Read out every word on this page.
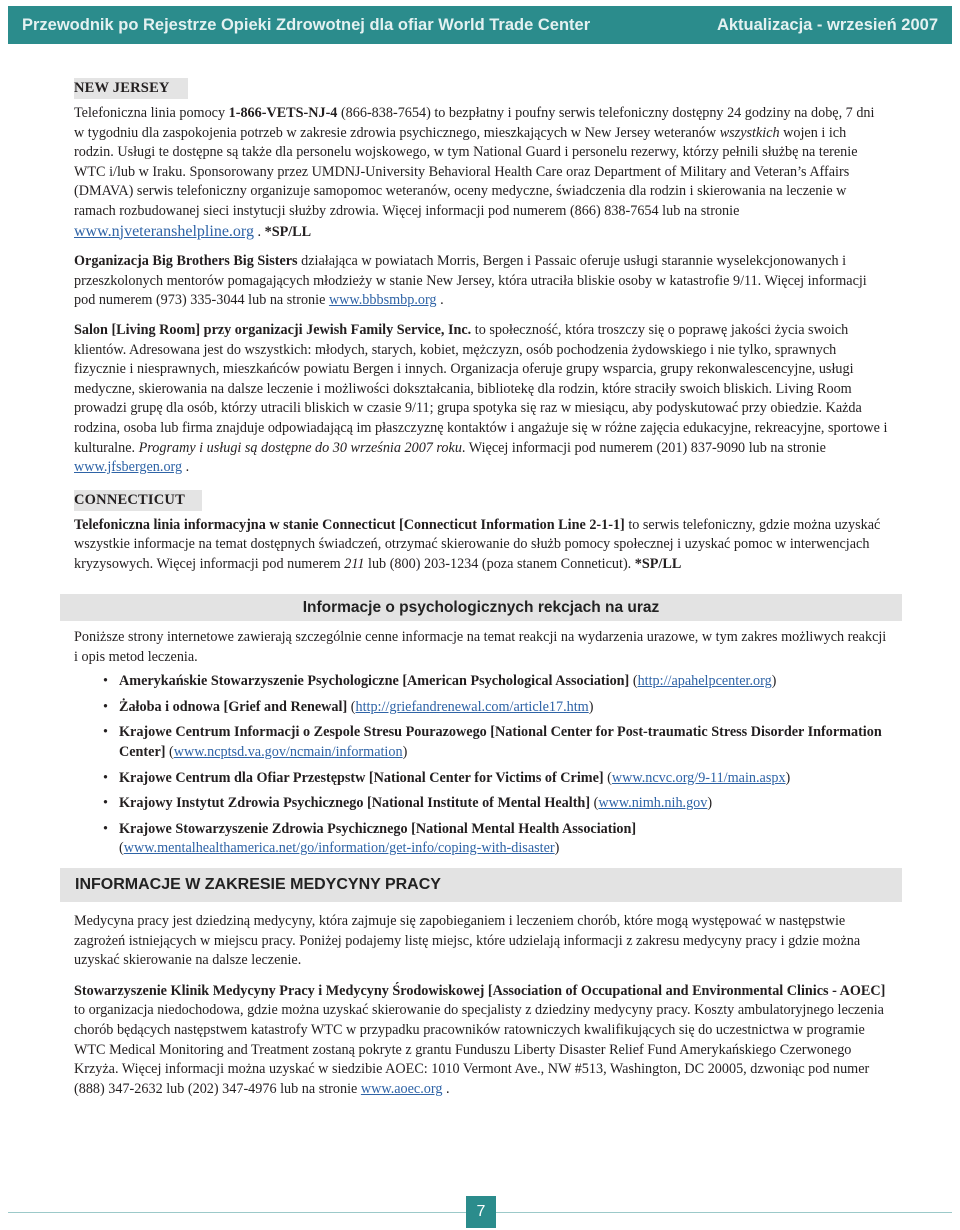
Przewodnik po Rejestrze Opieki Zdrowotnej dla ofiar World Trade Center	Aktualizacja - wrzesień 2007
NEW JERSEY

Telefoniczna linia pomocy 1-866-VETS-NJ-4 (866-838-7654) to bezpłatny i poufny serwis telefoniczny dostępny 24 godziny na dobę, 7 dni w tygodniu dla zaspokojenia potrzeb w zakresie zdrowia psychicznego, mieszkających w New Jersey weteranów wszystkich wojen i ich rodzin. Usługi te dostępne są także dla personelu wojskowego, w tym National Guard i personelu rezerwy, którzy pełnili służbę na terenie WTC i/lub w Iraku. Sponsorowany przez UMDNJ-University Behavioral Health Care oraz Department of Military and Veteran’s Affairs (DMAVA) serwis telefoniczny organizuje samopomoc weteranów, oceny medyczne, świadczenia dla rodzin i skierowania na leczenie w ramach rozbudowanej sieci instytucji służby zdrowia. Więcej informacji pod numerem (866) 838-7654 lub na stronie www.njveteranshelpline.org . *SP/LL

Organizacja Big Brothers Big Sisters działająca w powiatach Morris, Bergen i Passaic oferuje usługi starannie wyselekcjonowanych i przeszkolonych mentorów pomagających młodzieży w stanie New Jersey, która utraciła bliskie osoby w katastrofie 9/11. Więcej informacji pod numerem (973) 335-3044 lub na stronie www.bbbsmbp.org .

Salon [Living Room] przy organizacji Jewish Family Service, Inc. to społeczność, która troszczy się o poprawę jakości życia swoich klientów. Adresowana jest do wszystkich: młodych, starych, kobiet, mężczyzn, osób pochodzenia żydowskiego i nie tylko, sprawnych fizycznie i niesprawnych, mieszkańców powiatu Bergen i innych. Organizacja oferuje grupy wsparcia, grupy rekonwalescencyjne, usługi medyczne, skierowania na dalsze leczenie i możliwości dokształcania, bibliotekę dla rodzin, które straciły swoich bliskich. Living Room prowadzi grupę dla osób, którzy utracili bliskich w czasie 9/11; grupa spotyka się raz w miesiącu, aby podyskutować przy obiedzie. Każda rodzina, osoba lub firma znajduje odpowiadającą im płaszczyznę kontaktów i angażuje się w różne zajęcia edukacyjne, rekreacyjne, sportowe i kulturalne. Programy i usługi są dostępne do 30 września 2007 roku. Więcej informacji pod numerem (201) 837-9090 lub na stronie www.jfsbergen.org .

CONNECTICUT

Telefoniczna linia informacyjna w stanie Connecticut [Connecticut Information Line 2-1-1] to serwis telefoniczny, gdzie można uzyskać wszystkie informacje na temat dostępnych świadczeń, otrzymać skierowanie do służb pomocy społecznej i uzyskać pomoc w interwencjach kryzysowych. Więcej informacji pod numerem 211 lub (800) 203-1234 (poza stanem Conneticut). *SP/LL

Informacje o psychologicznych rekcjach na uraz

Poniższe strony internetowe zawierają szczególnie cenne informacje na temat reakcji na wydarzenia urazowe, w tym zakres możliwych reakcji i opis metod leczenia.

• Amerykańskie Stowarzyszenie Psychologiczne [American Psychological Association] (http://apahelpcenter.org)
• Żałoba i odnowa [Grief and Renewal] (http://griefandrenewal.com/article17.htm)
• Krajowe Centrum Informacji o Zespole Stresu Pourazowego [National Center for Post-traumatic Stress Disorder Information Center] (www.ncptsd.va.gov/ncmain/information)
• Krajowe Centrum dla Ofiar Przestępstw [National Center for Victims of Crime] (www.ncvc.org/9-11/main.aspx)
• Krajowy Instytut Zdrowia Psychicznego [National Institute of Mental Health] (www.nimh.nih.gov)
• Krajowe Stowarzyszenie Zdrowia Psychicznego [National Mental Health Association] (www.mentalhealthamerica.net/go/information/get-info/coping-with-disaster)
INFORMACJE W ZAKRESIE MEDYCYNY PRACY

Medycyna pracy jest dziedziną medycyny, która zajmuje się zapobieganiem i leczeniem chorób, które mogą występować w następstwie zagrożeń istniejących w miejscu pracy. Poniżej podajemy listę miejsc, które udzielają informacji z zakresu medycyny pracy i gdzie można uzyskać skierowanie na dalsze leczenie.

Stowarzyszenie Klinik Medycyny Pracy i Medycyny Środowiskowej [Association of Occupational and Environmental Clinics - AOEC] to organizacja niedochodowa, gdzie można uzyskać skierowanie do specjalisty z dziedziny medycyny pracy. Koszty ambulatoryjnego leczenia chorób będących następstwem katastrofy WTC w przypadku pracowników ratowniczych kwalifikujących się do uczestnictwa w programie WTC Medical Monitoring and Treatment zostaną pokryte z grantu Funduszu Liberty Disaster Relief Fund Amerykańskiego Czerwonego Krzyża. Więcej informacji można uzyskać w siedzibie AOEC: 1010 Vermont Ave., NW #513, Washington, DC 20005, dzwoniąc pod numer (888) 347-2632 lub (202) 347-4976 lub na stronie www.aoec.org .

7
